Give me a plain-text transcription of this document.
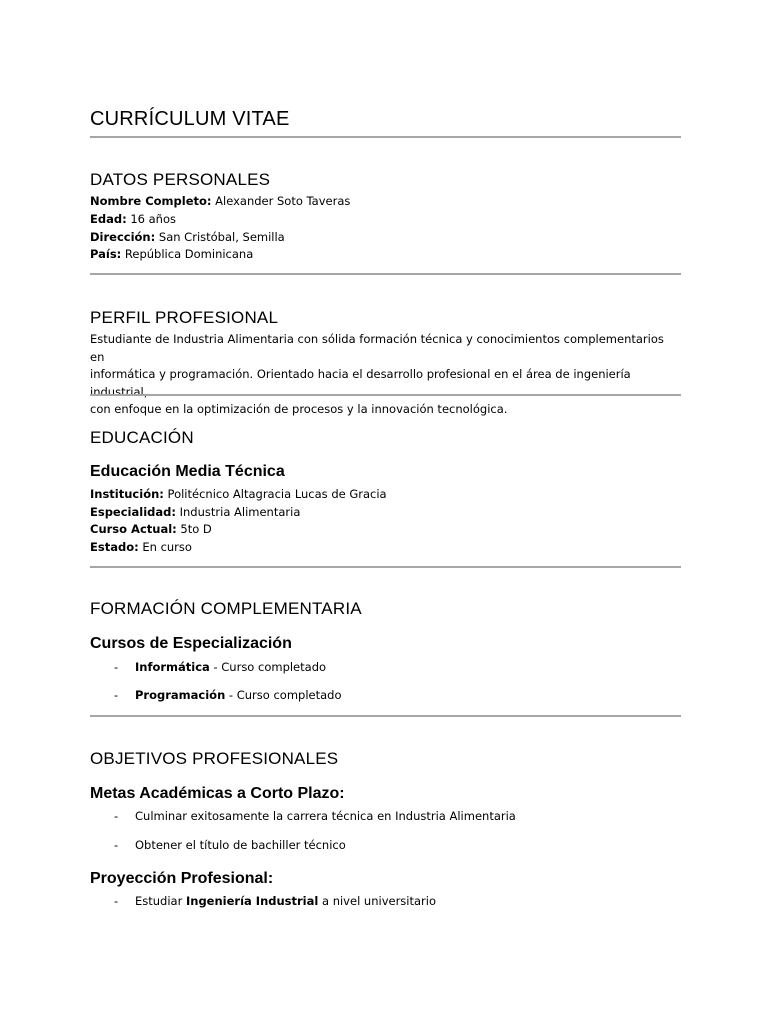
CURRÍCULUM VITAE
DATOS PERSONALES
Nombre Completo: Alexander Soto Taveras
Edad: 16 años
Dirección: San Cristóbal, Semilla
País: República Dominicana
PERFIL PROFESIONAL
Estudiante de Industria Alimentaria con sólida formación técnica y conocimientos complementarios en
informática y programación. Orientado hacia el desarrollo profesional en el área de ingeniería industrial,
con enfoque en la optimización de procesos y la innovación tecnológica.
EDUCACIÓN
Educación Media Técnica
Institución: Politécnico Altagracia Lucas de Gracia
Especialidad: Industria Alimentaria
Curso Actual: 5to D
Estado: En curso
FORMACIÓN COMPLEMENTARIA
Cursos de Especialización
- Informática - Curso completado
- Programación - Curso completado
OBJETIVOS PROFESIONALES
Metas Académicas a Corto Plazo:
- Culminar exitosamente la carrera técnica en Industria Alimentaria
- Obtener el título de bachiller técnico
Proyección Profesional:
- Estudiar Ingeniería Industrial a nivel universitario
